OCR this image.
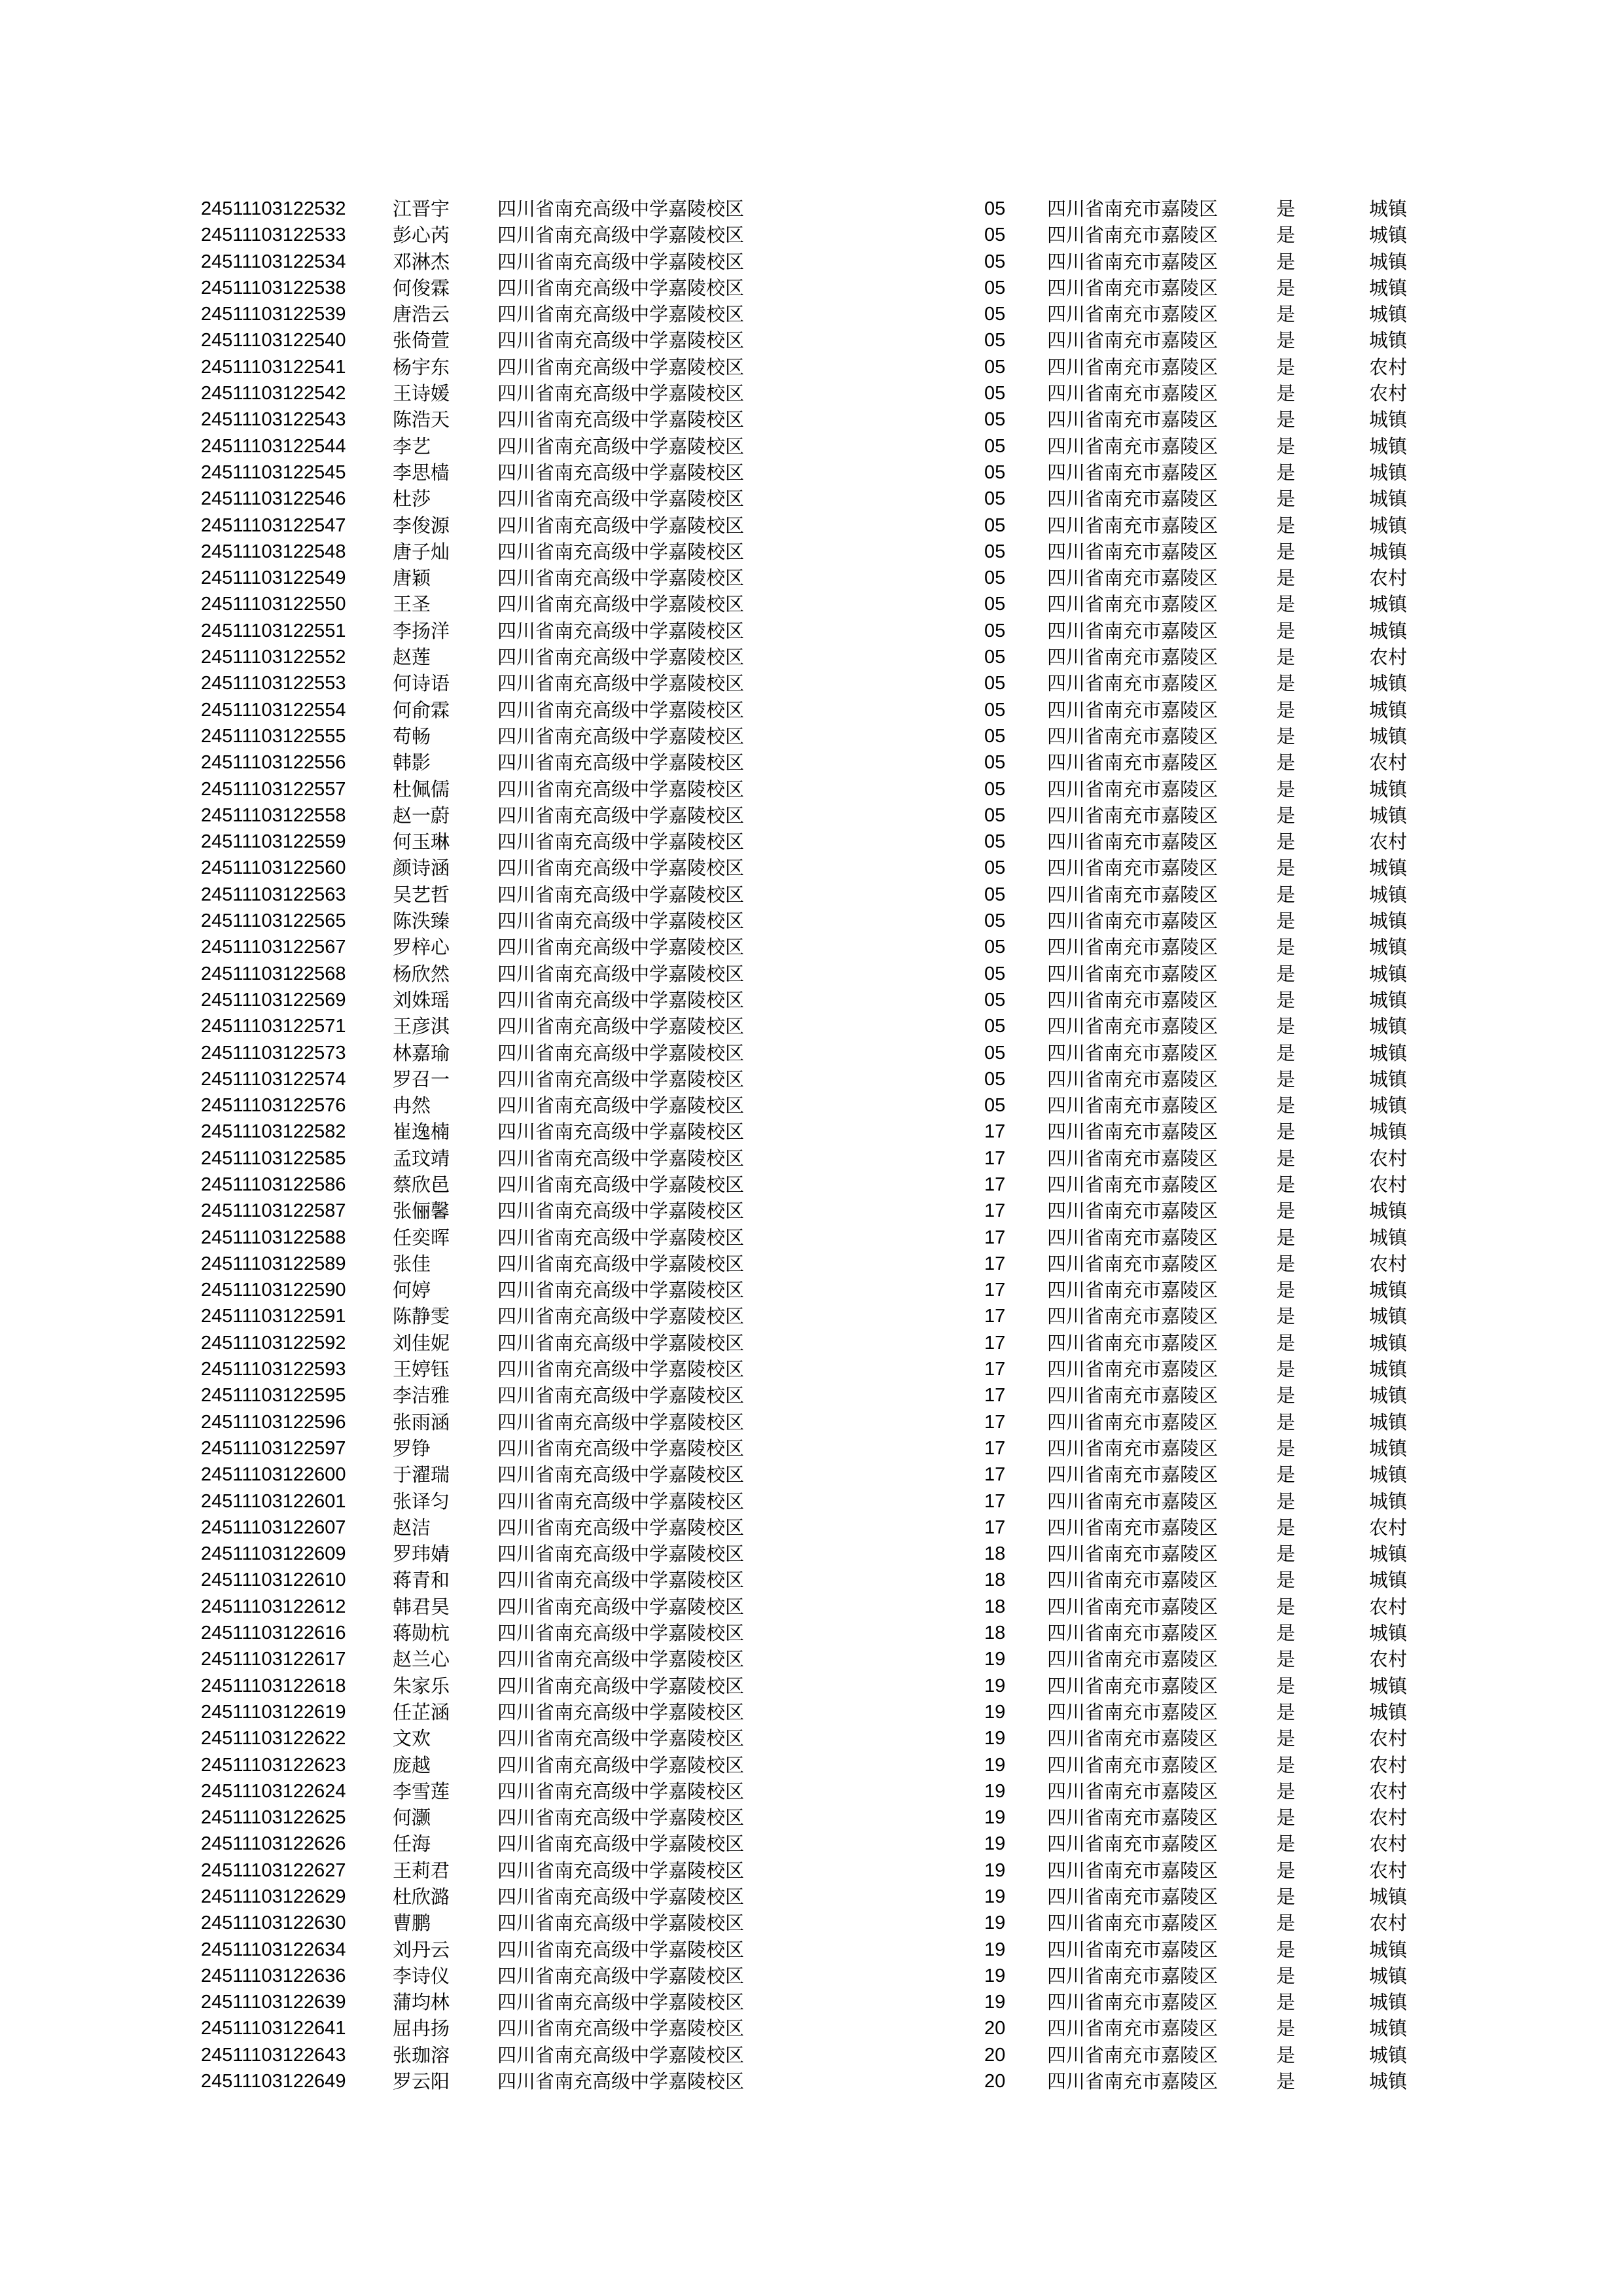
24511103122532 江晋宇	四川省南充高级中学嘉陵校区	05 四川省南充市嘉陵区	是	城镇
24511103122533 彭心芮	四川省南充高级中学嘉陵校区	05 四川省南充市嘉陵区	是	城镇
24511103122534 邓淋杰	四川省南充高级中学嘉陵校区	05 四川省南充市嘉陵区	是	城镇
24511103122538 何俊霖	四川省南充高级中学嘉陵校区	05 四川省南充市嘉陵区	是	城镇
24511103122539 唐浩云	四川省南充高级中学嘉陵校区	05 四川省南充市嘉陵区	是	城镇
24511103122540 张倚萱	四川省南充高级中学嘉陵校区	05 四川省南充市嘉陵区	是	城镇
24511103122541 杨宇东	四川省南充高级中学嘉陵校区	05 四川省南充市嘉陵区	是	农村
24511103122542 王诗媛	四川省南充高级中学嘉陵校区	05 四川省南充市嘉陵区	是	农村
24511103122543 陈浩天	四川省南充高级中学嘉陵校区	05 四川省南充市嘉陵区	是	城镇
24511103122544 李艺	四川省南充高级中学嘉陵校区	05 四川省南充市嘉陵区	是	城镇
24511103122545 李思樯	四川省南充高级中学嘉陵校区	05 四川省南充市嘉陵区	是	城镇
24511103122546 杜莎	四川省南充高级中学嘉陵校区	05 四川省南充市嘉陵区	是	城镇
24511103122547 李俊源	四川省南充高级中学嘉陵校区	05 四川省南充市嘉陵区	是	城镇
24511103122548 唐子灿	四川省南充高级中学嘉陵校区	05 四川省南充市嘉陵区	是	城镇
24511103122549 唐颖	四川省南充高级中学嘉陵校区	05 四川省南充市嘉陵区	是	农村
24511103122550 王圣	四川省南充高级中学嘉陵校区	05 四川省南充市嘉陵区	是	城镇
24511103122551 李扬洋	四川省南充高级中学嘉陵校区	05 四川省南充市嘉陵区	是	城镇
24511103122552 赵莲	四川省南充高级中学嘉陵校区	05 四川省南充市嘉陵区	是	农村
24511103122553 何诗语	四川省南充高级中学嘉陵校区	05 四川省南充市嘉陵区	是	城镇
24511103122554 何俞霖	四川省南充高级中学嘉陵校区	05 四川省南充市嘉陵区	是	城镇
24511103122555 苟畅	四川省南充高级中学嘉陵校区	05 四川省南充市嘉陵区	是	城镇
24511103122556 韩影	四川省南充高级中学嘉陵校区	05 四川省南充市嘉陵区	是	农村
24511103122557 杜佩儒	四川省南充高级中学嘉陵校区	05 四川省南充市嘉陵区	是	城镇
24511103122558 赵一蔚	四川省南充高级中学嘉陵校区	05 四川省南充市嘉陵区	是	城镇
24511103122559 何玉琳	四川省南充高级中学嘉陵校区	05 四川省南充市嘉陵区	是	农村
24511103122560 颜诗涵	四川省南充高级中学嘉陵校区	05 四川省南充市嘉陵区	是	城镇
24511103122563 吴艺哲	四川省南充高级中学嘉陵校区	05 四川省南充市嘉陵区	是	城镇
24511103122565 陈泆臻	四川省南充高级中学嘉陵校区	05 四川省南充市嘉陵区	是	城镇
24511103122567 罗梓心	四川省南充高级中学嘉陵校区	05 四川省南充市嘉陵区	是	城镇
24511103122568 杨欣然	四川省南充高级中学嘉陵校区	05 四川省南充市嘉陵区	是	城镇
24511103122569 刘姝瑶	四川省南充高级中学嘉陵校区	05 四川省南充市嘉陵区	是	城镇
24511103122571 王彦淇	四川省南充高级中学嘉陵校区	05 四川省南充市嘉陵区	是	城镇
24511103122573 林嘉瑜	四川省南充高级中学嘉陵校区	05 四川省南充市嘉陵区	是	城镇
24511103122574 罗召一	四川省南充高级中学嘉陵校区	05 四川省南充市嘉陵区	是	城镇
24511103122576 冉然	四川省南充高级中学嘉陵校区	05 四川省南充市嘉陵区	是	城镇
24511103122582 崔逸楠	四川省南充高级中学嘉陵校区	17 四川省南充市嘉陵区	是	城镇
24511103122585 孟玟靖	四川省南充高级中学嘉陵校区	17 四川省南充市嘉陵区	是	农村
24511103122586 蔡欣邑	四川省南充高级中学嘉陵校区	17 四川省南充市嘉陵区	是	农村
24511103122587 张俪馨	四川省南充高级中学嘉陵校区	17 四川省南充市嘉陵区	是	城镇
24511103122588 任奕晖	四川省南充高级中学嘉陵校区	17 四川省南充市嘉陵区	是	城镇
24511103122589 张佳	四川省南充高级中学嘉陵校区	17 四川省南充市嘉陵区	是	农村
24511103122590 何婷	四川省南充高级中学嘉陵校区	17 四川省南充市嘉陵区	是	城镇
24511103122591 陈静雯	四川省南充高级中学嘉陵校区	17 四川省南充市嘉陵区	是	城镇
24511103122592 刘佳妮	四川省南充高级中学嘉陵校区	17 四川省南充市嘉陵区	是	城镇
24511103122593 王婷钰	四川省南充高级中学嘉陵校区	17 四川省南充市嘉陵区	是	城镇
24511103122595 李洁雅	四川省南充高级中学嘉陵校区	17 四川省南充市嘉陵区	是	城镇
24511103122596 张雨涵	四川省南充高级中学嘉陵校区	17 四川省南充市嘉陵区	是	城镇
24511103122597 罗铮	四川省南充高级中学嘉陵校区	17 四川省南充市嘉陵区	是	城镇
24511103122600 于濯瑞	四川省南充高级中学嘉陵校区	17 四川省南充市嘉陵区	是	城镇
24511103122601 张译匀	四川省南充高级中学嘉陵校区	17 四川省南充市嘉陵区	是	城镇
24511103122607 赵洁	四川省南充高级中学嘉陵校区	17 四川省南充市嘉陵区	是	农村
24511103122609 罗玮婧	四川省南充高级中学嘉陵校区	18 四川省南充市嘉陵区	是	城镇
24511103122610 蒋青和	四川省南充高级中学嘉陵校区	18 四川省南充市嘉陵区	是	城镇
24511103122612 韩君昊	四川省南充高级中学嘉陵校区	18 四川省南充市嘉陵区	是	农村
24511103122616 蒋勋杭	四川省南充高级中学嘉陵校区	18 四川省南充市嘉陵区	是	城镇
24511103122617 赵兰心	四川省南充高级中学嘉陵校区	19 四川省南充市嘉陵区	是	农村
24511103122618 朱家乐	四川省南充高级中学嘉陵校区	19 四川省南充市嘉陵区	是	城镇
24511103122619 任芷涵	四川省南充高级中学嘉陵校区	19 四川省南充市嘉陵区	是	城镇
24511103122622 文欢	四川省南充高级中学嘉陵校区	19 四川省南充市嘉陵区	是	农村
24511103122623 庞越	四川省南充高级中学嘉陵校区	19 四川省南充市嘉陵区	是	农村
24511103122624 李雪莲	四川省南充高级中学嘉陵校区	19 四川省南充市嘉陵区	是	农村
24511103122625 何灏	四川省南充高级中学嘉陵校区	19 四川省南充市嘉陵区	是	农村
24511103122626 任海	四川省南充高级中学嘉陵校区	19 四川省南充市嘉陵区	是	农村
24511103122627 王莉君	四川省南充高级中学嘉陵校区	19 四川省南充市嘉陵区	是	农村
24511103122629 杜欣潞	四川省南充高级中学嘉陵校区	19 四川省南充市嘉陵区	是	城镇
24511103122630 曹鹏	四川省南充高级中学嘉陵校区	19 四川省南充市嘉陵区	是	农村
24511103122634 刘丹云	四川省南充高级中学嘉陵校区	19 四川省南充市嘉陵区	是	城镇
24511103122636 李诗仪	四川省南充高级中学嘉陵校区	19 四川省南充市嘉陵区	是	城镇
24511103122639 蒲均林	四川省南充高级中学嘉陵校区	19 四川省南充市嘉陵区	是	城镇
24511103122641 屈冉扬	四川省南充高级中学嘉陵校区	20 四川省南充市嘉陵区	是	城镇
24511103122643 张珈溶	四川省南充高级中学嘉陵校区	20 四川省南充市嘉陵区	是	城镇
24511103122649 罗云阳	四川省南充高级中学嘉陵校区	20 四川省南充市嘉陵区	是	城镇
